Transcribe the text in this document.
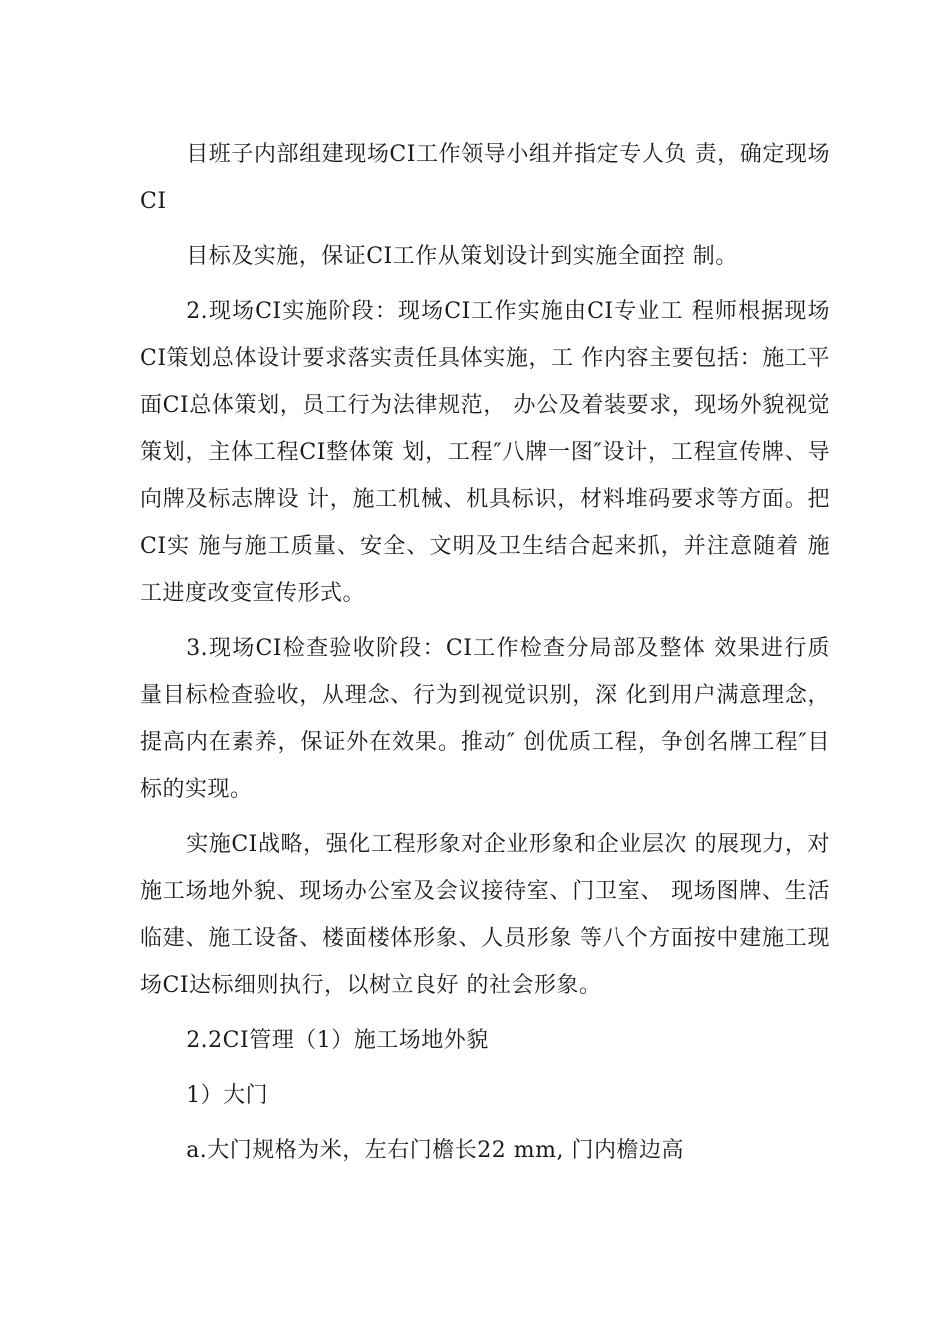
目班子内部组建现场CI工作领导小组并指定专人负 责，确定现场CI

目标及实施，保证CI工作从策划设计到实施全面控 制。

2.现场CI实施阶段：现场CI工作实施由CI专业工 程师根据现场CI策划总体设计要求落实责任具体实施，工 作内容主要包括：施工平面CI总体策划，员工行为法律规范， 办公及着装要求，现场外貌视觉策划，主体工程CI整体策 划，工程″八牌一图″设计，工程宣传牌、导向牌及标志牌设 计，施工机械、机具标识，材料堆码要求等方面。把CI实 施与施工质量、安全、文明及卫生结合起来抓，并注意随着 施工进度改变宣传形式。

3.现场CI检查验收阶段：CI工作检查分局部及整体 效果进行质量目标检查验收，从理念、行为到视觉识别，深 化到用户满意理念，提高内在素养，保证外在效果。推动″ 创优质工程，争创名牌工程″目标的实现。

实施CI战略，强化工程形象对企业形象和企业层次 的展现力，对施工场地外貌、现场办公室及会议接待室、门卫室、 现场图牌、生活临建、施工设备、楼面楼体形象、人员形象 等八个方面按中建施工现场CI达标细则执行，以树立良好 的社会形象。

2.2CI管理（1）施工场地外貌

1）大门

a.大门规格为米，左右门檐长22 mm, 门内檐边高
